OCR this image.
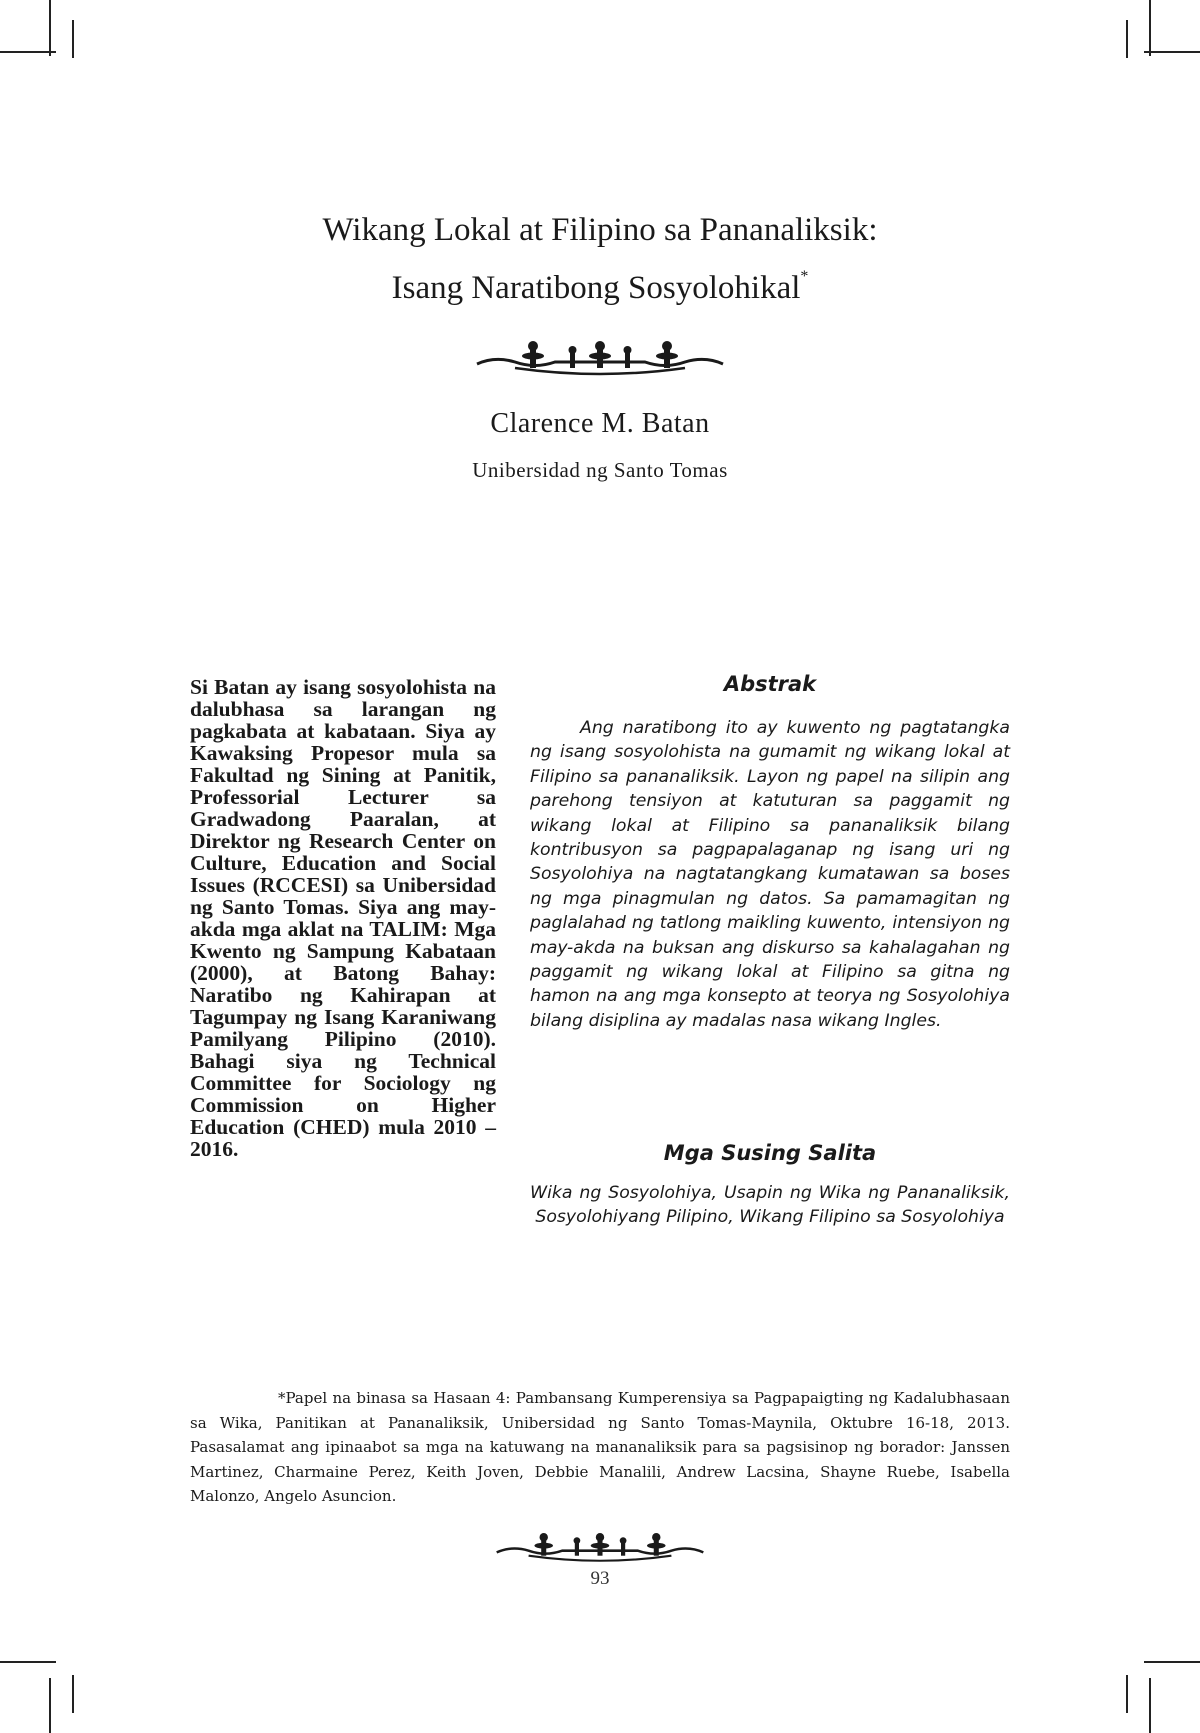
Wikang Lokal at Filipino sa Pananaliksik:
Isang Naratibong Sosyolohikal*
Clarence M. Batan
Unibersidad ng Santo Tomas

Si Batan ay isang sosyolohista na dalubhasa sa larangan ng pagkabata at kabataan. Siya ay Kawaksing Propesor mula sa Fakultad ng Sining at Panitik, Professorial Lecturer sa Gradwadong Paaralan, at Direktor ng Research Center on Culture, Education and Social Issues (RCCESI) sa Unibersidad ng Santo Tomas. Siya ang may-akda mga aklat na TALIM: Mga Kwento ng Sampung Kabataan (2000), at Batong Bahay: Naratibo ng Kahirapan at Tagumpay ng Isang Karaniwang Pamilyang Pilipino (2010). Bahagi siya ng Technical Committee for Sociology ng Commission on Higher Education (CHED) mula 2010 – 2016.

Abstrak

Ang naratibong ito ay kuwento ng pagtatangka ng isang sosyolohista na gumamit ng wikang lokal at Filipino sa pananaliksik. Layon ng papel na silipin ang parehong tensiyon at katuturan sa paggamit ng wikang lokal at Filipino sa pananaliksik bilang kontribusyon sa pagpapalaganap ng isang uri ng Sosyolohiya na nagtatangkang kumatawan sa boses ng mga pinagmulan ng datos. Sa pamamagitan ng paglalahad ng tatlong maikling kuwento, intensiyon ng may-akda na buksan ang diskurso sa kahalagahan ng paggamit ng wikang lokal at Filipino sa gitna ng hamon na ang mga konsepto at teorya ng Sosyolohiya bilang disiplina ay madalas nasa wikang Ingles.

Mga Susing Salita

Wika ng Sosyolohiya, Usapin ng Wika ng Pananaliksik, Sosyolohiyang Pilipino, Wikang Filipino sa Sosyolohiya

*Papel na binasa sa Hasaan 4: Pambansang Kumperensiya sa Pagpapaigting ng Kadalubhasaan sa Wika, Panitikan at Pananaliksik, Unibersidad ng Santo Tomas-Maynila, Oktubre 16-18, 2013. Pasasalamat ang ipinaabot sa mga na katuwang na mananaliksik para sa pagsisinop ng borador: Janssen Martinez, Charmaine Perez, Keith Joven, Debbie Manalili, Andrew Lacsina, Shayne Ruebe, Isabella Malonzo, Angelo Asuncion.

93
